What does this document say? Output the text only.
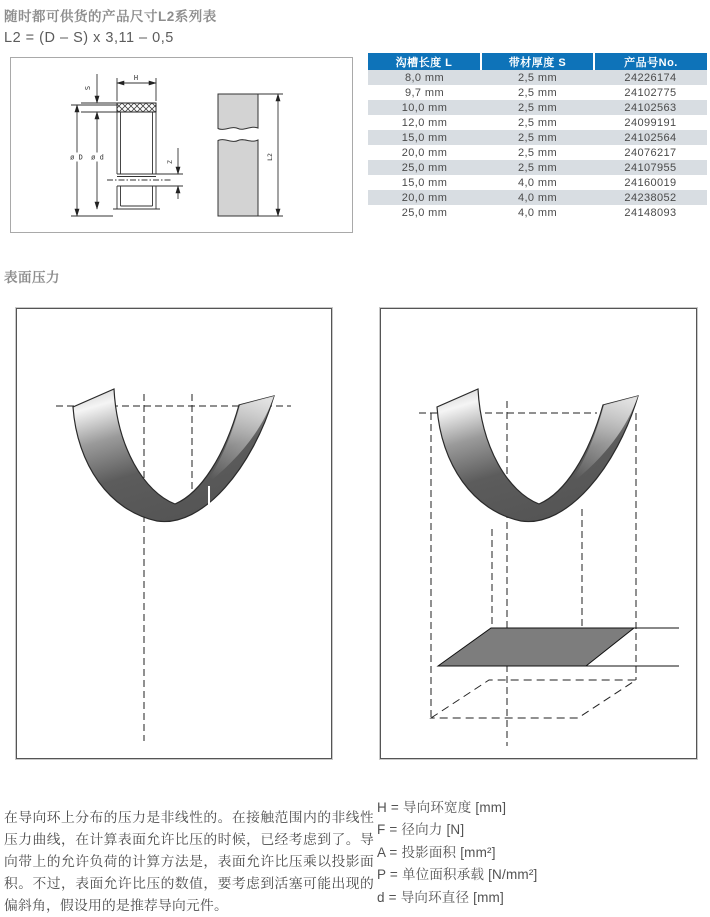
随时都可供货的产品尺寸L2系列表
L2 = (D – S) x 3,11 – 0,5
H
S
ø D ø d
Z
L2
沟槽长度 L	带材厚度 S	产品号No.
8,0 mm	2,5 mm	24226174
9,7 mm	2,5 mm	24102775
10,0 mm	2,5 mm	24102563
12,0 mm	2,5 mm	24099191
15,0 mm	2,5 mm	24102564
20,0 mm	2,5 mm	24076217
25,0 mm	2,5 mm	24107955
15,0 mm	4,0 mm	24160019
20,0 mm	4,0 mm	24238052
25,0 mm	4,0 mm	24148093
表面压力

在导向环上分布的压力是非线性的。在接触范围内的非线性压力曲线，在计算表面允许比压的时候，已经考虑到了。导向带上的允许负荷的计算方法是，表面允许比压乘以投影面积。不过，表面允许比压的数值，要考虑到活塞可能出现的偏斜角，假设用的是推荐导向元件。

H = 导向环宽度 [mm]
F = 径向力 [N]
A = 投影面积 [mm²]
P = 单位面积承载 [N/mm²]
d = 导向环直径 [mm]
